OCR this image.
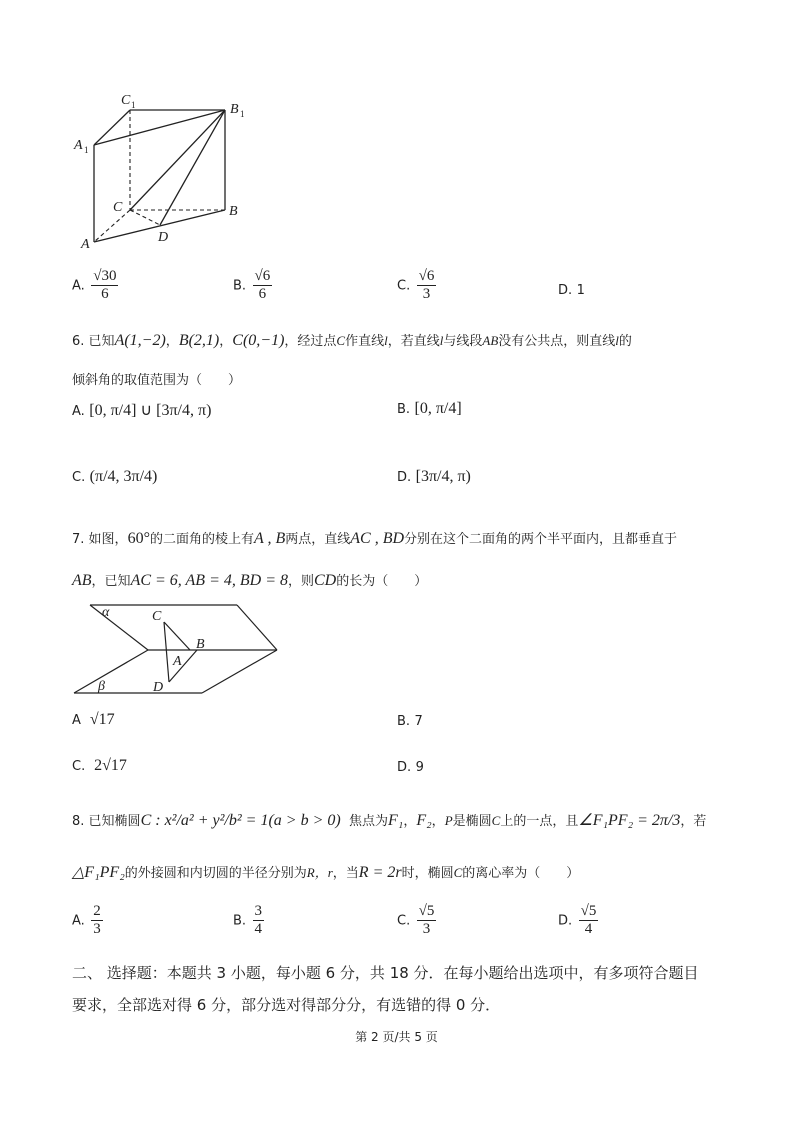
C 1	B 1
A 1
C	B
A	D
A. $\frac{√30}{6}$	B. $\frac{√6}{6}$	C. $\frac{√6}{3}$	D. 1
6. 已知A(1,−2)，B(2,1)，C(0,−1)，经过点C作直线l，若直线l与线段AB没有公共点，则直线l的
倾斜角的取值范围为（　　）
A. [0, π/4] ∪ [3π/4, π)	B. [0, π/4]
C. (π/4, 3π/4)	D. [3π/4, π)
7. 如图，60°的二面角的棱上有A , B两点，直线AC , BD分别在这个二面角的两个半平面内，且都垂直于
AB，已知AC = 6, AB = 4, BD = 8，则CD的长为（　　）
α	C
B
A
β	D
A √17	B. 7
C. 2√17	D. 9
8. 已知椭圆C : x²/a² + y²/b² = 1(a > b > 0) 焦点为F₁，F₂，P是椭圆C上的一点，且∠F₁PF₂ = 2π/3，若
△F₁PF₂的外接圆和内切圆的半径分别为R，r，当R = 2r时，椭圆C的离心率为（　　）
A. $\frac{2}{3}$	B. $\frac{3}{4}$	C. $\frac{√5}{3}$	D. $\frac{√5}{4}$
二、 选择题：本题共 3 小题，每小题 6 分，共 18 分．在每小题给出选项中，有多项符合题目
要求，全部选对得 6 分，部分选对得部分分，有选错的得 0 分．
第 2 页/共 5 页
